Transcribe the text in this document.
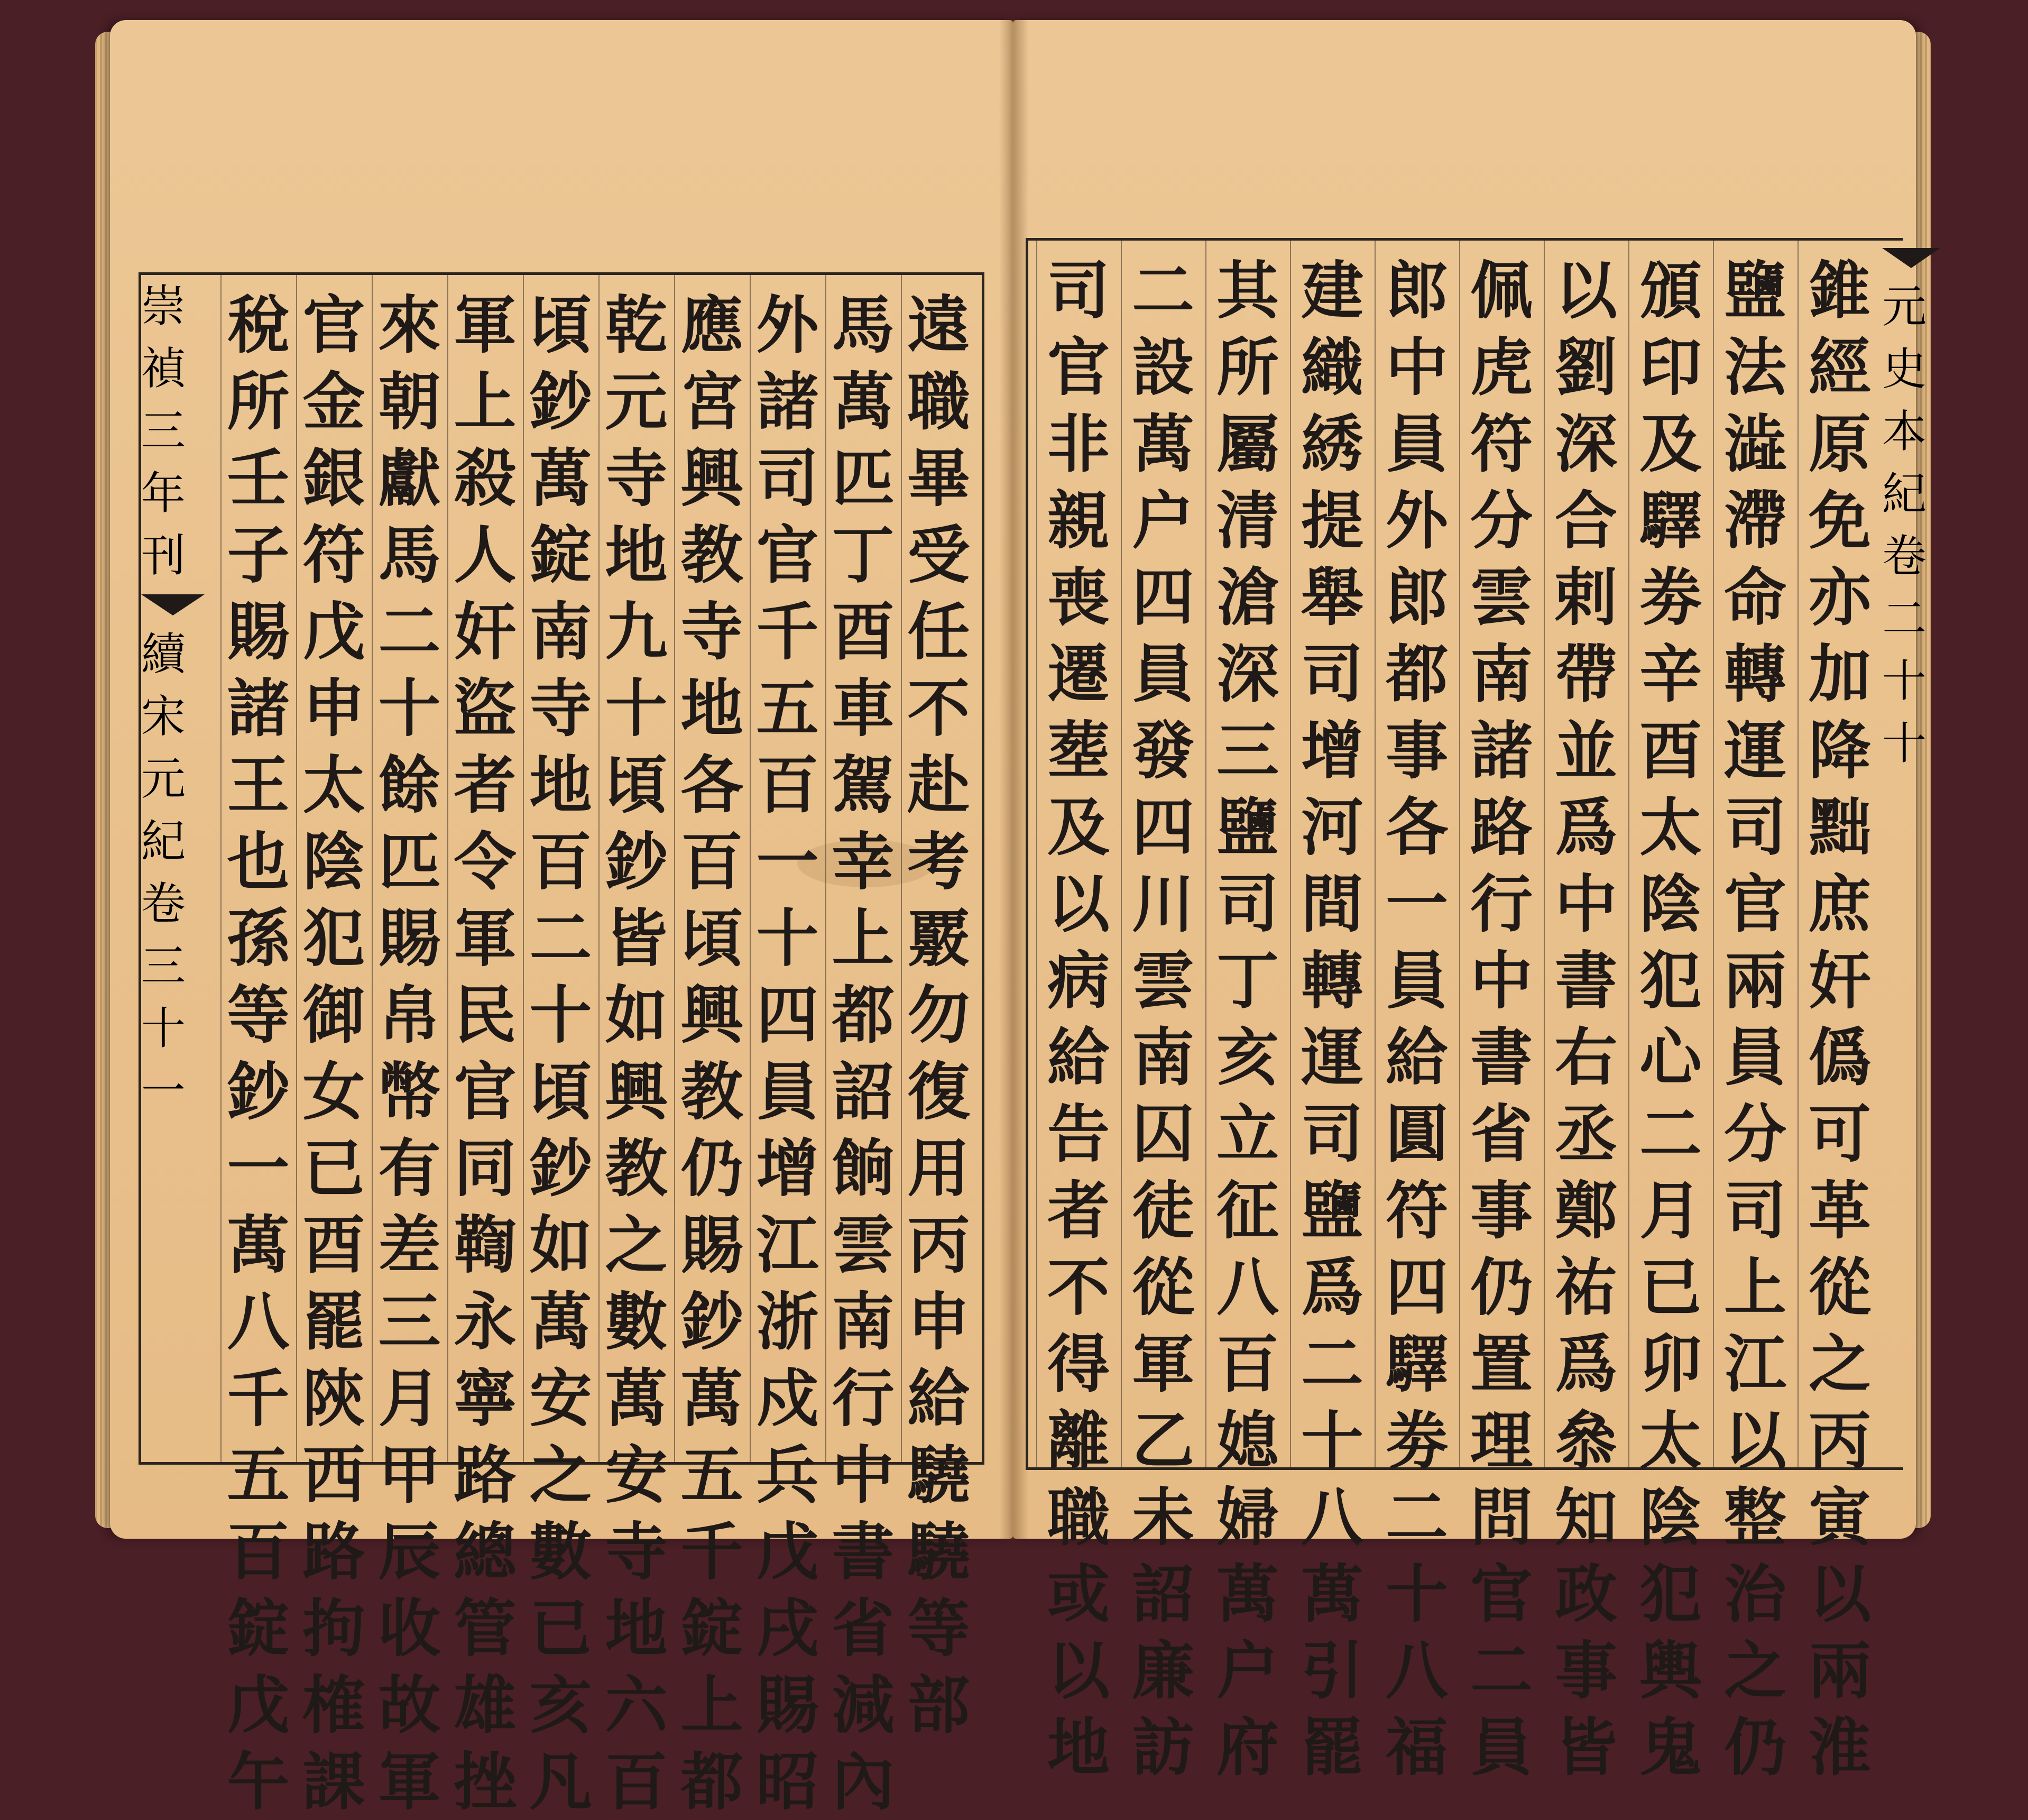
崇禎三年刊
續宋元紀卷三
十一
遠
職
畢
受
任
不
赴
考
覈
勿
復
用
丙
申
給
驍
驍
等
部
馬
萬
匹
丁
酉
車
駕
幸
上
都
詔
餉
雲
南
行
中
書
省
減
內
外
諸
司
官
千
五
百
一
十
四
員
增
江
浙
戍
兵
戊
戌
賜
昭
應
宮
興
教
寺
地
各
百
頃
興
教
仍
賜
鈔
萬
五
千
錠
上
都
乾
元
寺
地
九
十
頃
鈔
皆
如
興
教
之
數
萬
安
寺
地
六
百
頃
鈔
萬
錠
南
寺
地
百
二
十
頃
鈔
如
萬
安
之
數
已
亥
凡
軍
上
殺
人
奸
盜
者
令
軍
民
官
同
鞫
永
寧
路
總
管
雄
挫
來
朝
獻
馬
二
十
餘
匹
賜
帛
幣
有
差
三
月
甲
辰
收
故
軍
官
金
銀
符
戊
申
太
陰
犯
御
女
已
酉
罷
陝
西
路
拘
榷
課
稅
所
壬
子
賜
諸
王
也
孫
等
鈔
一
萬
八
千
五
百
錠
戊
午
錐
經
原
免
亦
加
降
黜
庶
奸
僞
可
革
從
之
丙
寅
以
兩
淮
鹽
法
澁
滯
命
轉
運
司
官
兩
員
分
司
上
江
以
整
治
之
仍
頒
印
及
驛
劵
辛
酉
太
陰
犯
心
二
月
已
卯
太
陰
犯
輿
鬼
以
劉
深
合
剌
帶
並
爲
中
書
右
丞
鄭
祐
爲
叅
知
政
事
皆
佩
虎
符
分
雲
南
諸
路
行
中
書
省
事
仍
置
理
問
官
二
員
郎
中
員
外
郎
都
事
各
一
員
給
圓
符
四
驛
劵
二
十
八
福
建
織
綉
提
舉
司
增
河
間
轉
運
司
鹽
爲
二
十
八
萬
引
罷
其
所
屬
清
滄
深
三
鹽
司
丁
亥
立
征
八
百
媳
婦
萬
户
府
二
設
萬
户
四
員
發
四
川
雲
南
囚
徒
從
軍
乙
未
詔
廉
訪
司
官
非
親
喪
遷
塟
及
以
病
給
告
者
不
得
離
職
或
以
地
元史本紀卷二十
十
